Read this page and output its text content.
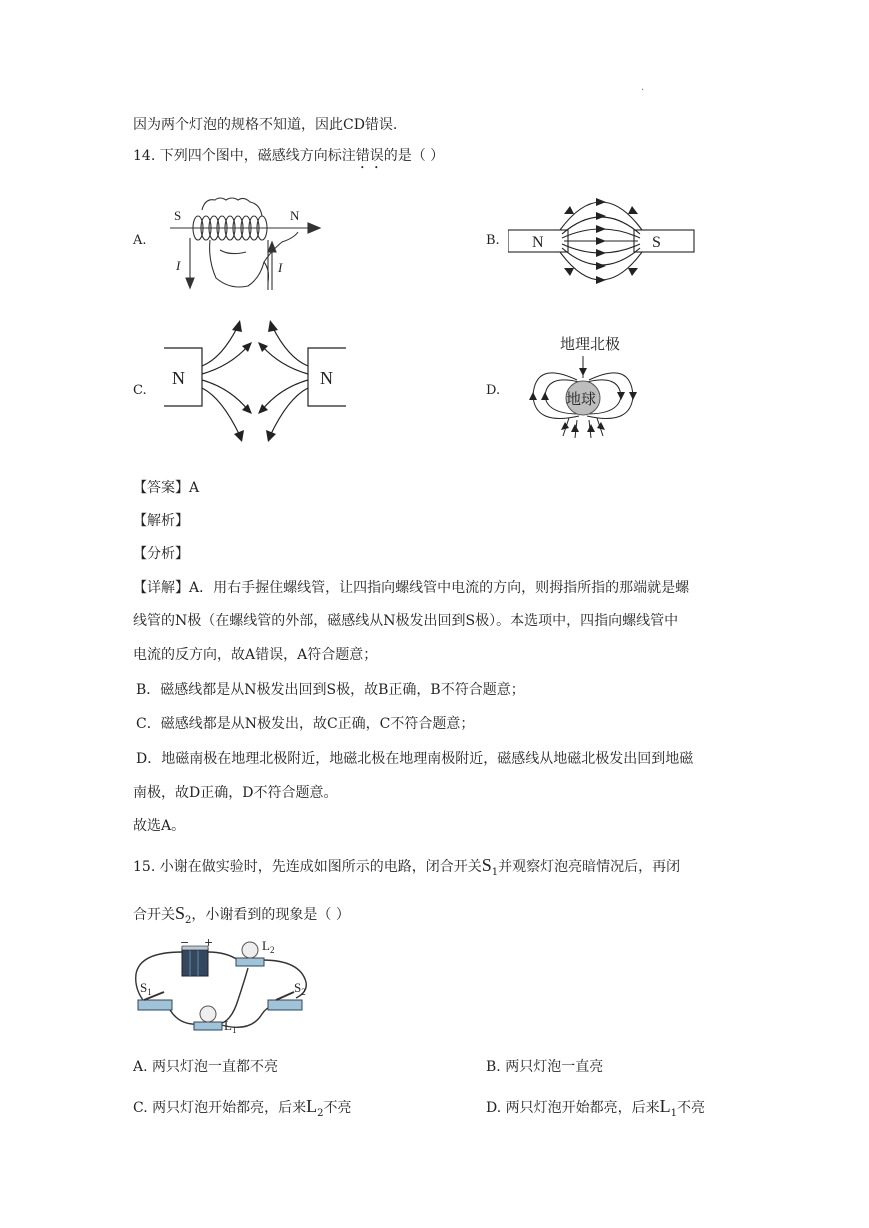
.
因为两个灯泡的规格不知道，因此CD错误.
14. 下列四个图中，磁感线方向标注错误的是（ ）
A.	B.
C.	D.
S	N
I	I
N	S
N	N
地理北极
地球
【答案】A
【解析】
【分析】
【详解】A．用右手握住螺线管，让四指向螺线管中电流的方向，则拇指所指的那端就是螺
线管的N极（在螺线管的外部，磁感线从N极发出回到S极）。本选项中，四指向螺线管中
电流的反方向，故A错误，A符合题意；
B．磁感线都是从N极发出回到S极，故B正确，B不符合题意；
C．磁感线都是从N极发出，故C正确，C不符合题意；
D．地磁南极在地理北极附近，地磁北极在地理南极附近，磁感线从地磁北极发出回到地磁
南极，故D正确，D不符合题意。
故选A。
15. 小谢在做实验时，先连成如图所示的电路，闭合开关$S_1$并观察灯泡亮暗情况后，再闭
合开关$S_2$，小谢看到的现象是（ ）
+
−	$L_2$
$S_1$	$S_2$
$L_1$
A. 两只灯泡一直都不亮	B. 两只灯泡一直亮
C. 两只灯泡开始都亮，后来$L_2$不亮	D. 两只灯泡开始都亮，后来$L_1$不亮
